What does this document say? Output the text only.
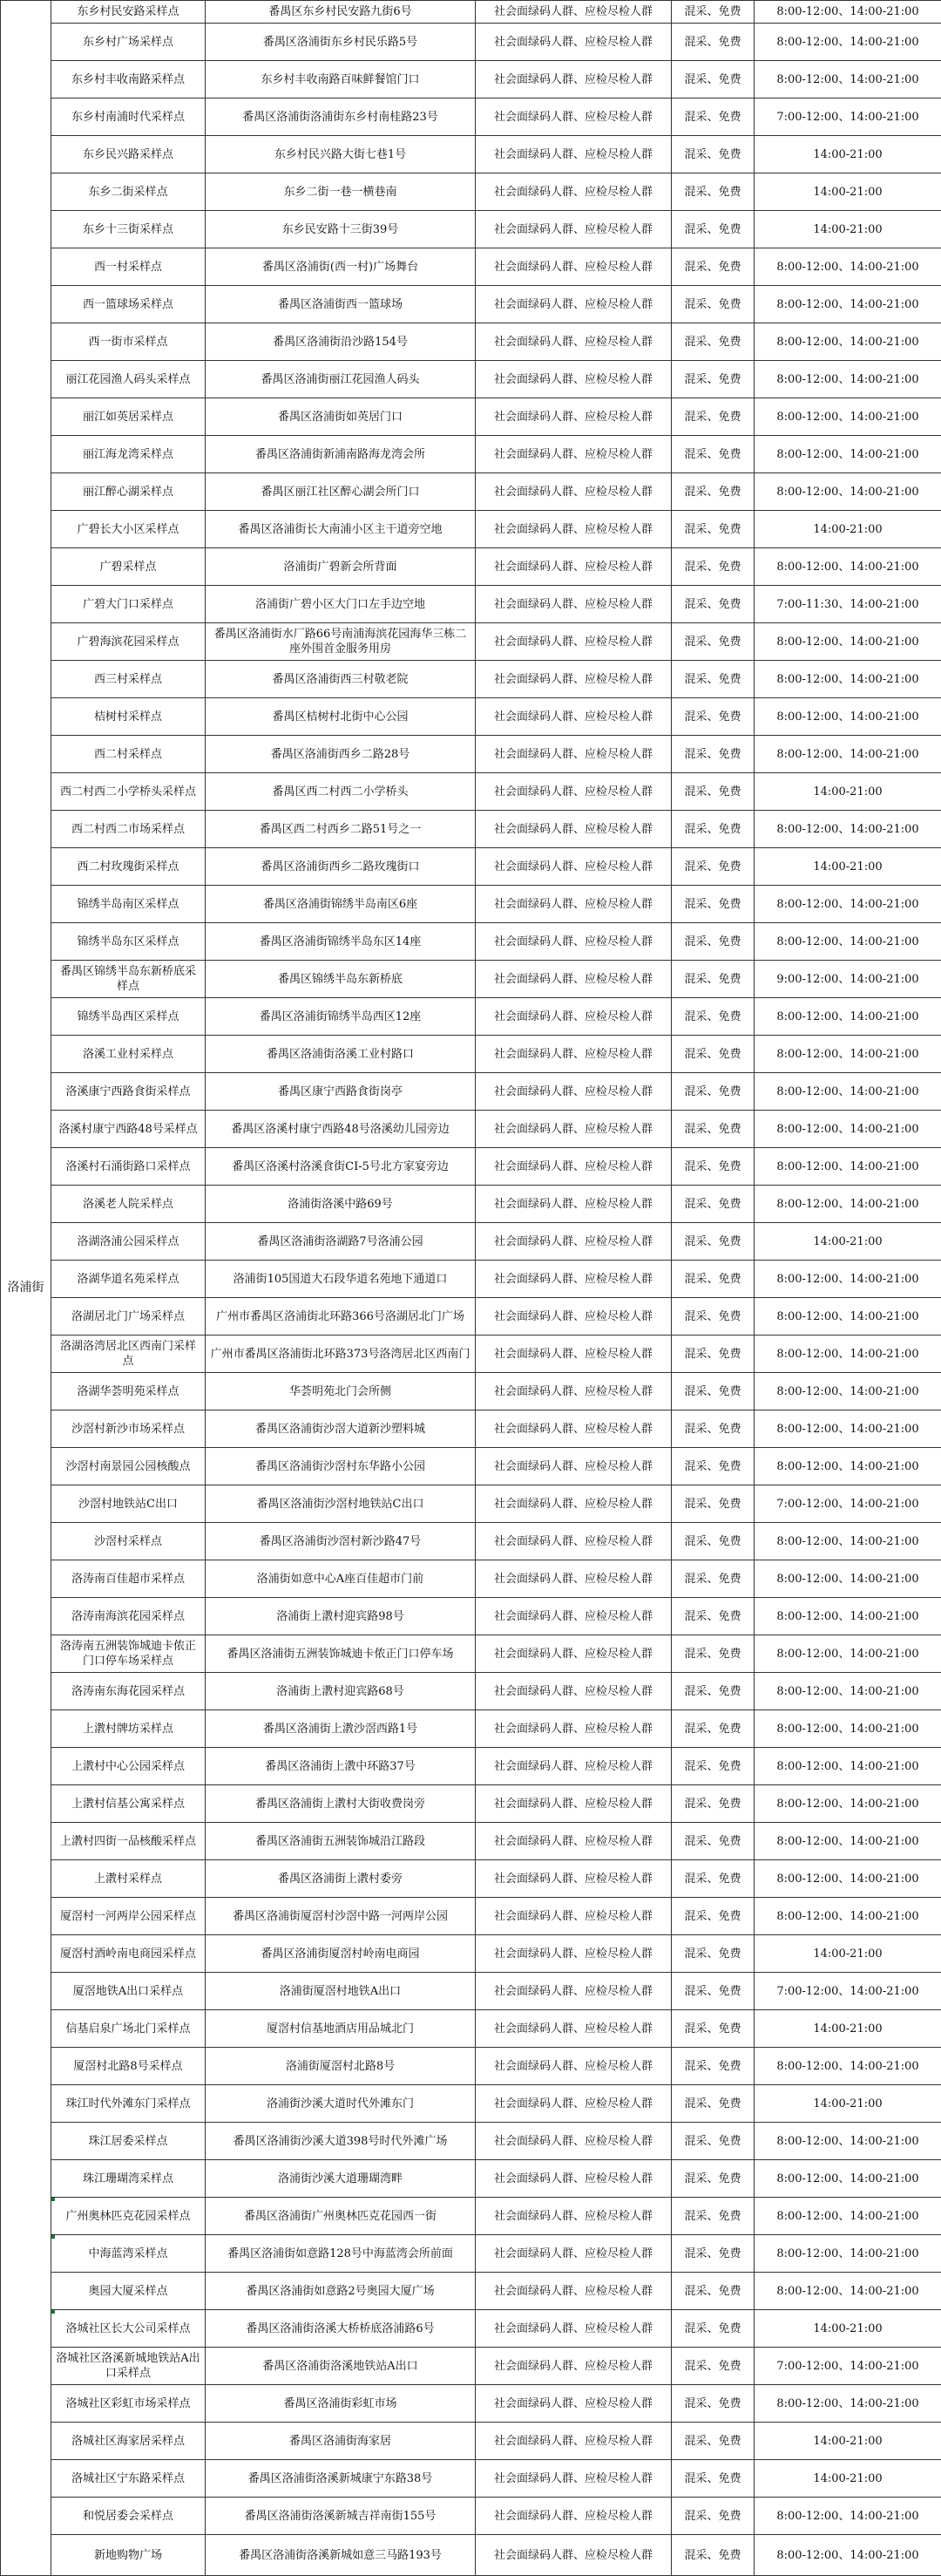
洛浦街	东乡村民安路采样点	番禺区东乡村民安路九街6号	社会面绿码人群、应检尽检人群	混采、免费	8:00-12:00、14:00-21:00
	东乡村广场采样点	番禺区洛浦街东乡村民乐路5号	社会面绿码人群、应检尽检人群	混采、免费	8:00-12:00、14:00-21:00
	东乡村丰收南路采样点	东乡村丰收南路百味鲜餐馆门口	社会面绿码人群、应检尽检人群	混采、免费	8:00-12:00、14:00-21:00
	东乡村南浦时代采样点	番禺区洛浦街洛浦街东乡村南桂路23号	社会面绿码人群、应检尽检人群	混采、免费	7:00-12:00、14:00-21:00
	东乡民兴路采样点	东乡村民兴路大街七巷1号	社会面绿码人群、应检尽检人群	混采、免费	14:00-21:00
	东乡二街采样点	东乡二街一巷一横巷南	社会面绿码人群、应检尽检人群	混采、免费	14:00-21:00
	东乡十三街采样点	东乡民安路十三街39号	社会面绿码人群、应检尽检人群	混采、免费	14:00-21:00
	西一村采样点	番禺区洛浦街(西一村)广场舞台	社会面绿码人群、应检尽检人群	混采、免费	8:00-12:00、14:00-21:00
	西一篮球场采样点	番禺区洛浦街西一篮球场	社会面绿码人群、应检尽检人群	混采、免费	8:00-12:00、14:00-21:00
	西一街市采样点	番禺区洛浦街沿沙路154号	社会面绿码人群、应检尽检人群	混采、免费	8:00-12:00、14:00-21:00
	丽江花园渔人码头采样点	番禺区洛浦街丽江花园渔人码头	社会面绿码人群、应检尽检人群	混采、免费	8:00-12:00、14:00-21:00
	丽江如英居采样点	番禺区洛浦街如英居门口	社会面绿码人群、应检尽检人群	混采、免费	8:00-12:00、14:00-21:00
	丽江海龙湾采样点	番禺区洛浦街新浦南路海龙湾会所	社会面绿码人群、应检尽检人群	混采、免费	8:00-12:00、14:00-21:00
	丽江醉心湖采样点	番禺区丽江社区醉心湖会所门口	社会面绿码人群、应检尽检人群	混采、免费	8:00-12:00、14:00-21:00
	广碧长大小区采样点	番禺区洛浦街长大南浦小区主干道旁空地	社会面绿码人群、应检尽检人群	混采、免费	14:00-21:00
	广碧采样点	洛浦街广碧新会所背面	社会面绿码人群、应检尽检人群	混采、免费	8:00-12:00、14:00-21:00
	广碧大门口采样点	洛浦街广碧小区大门口左手边空地	社会面绿码人群、应检尽检人群	混采、免费	7:00-11:30、14:00-21:00
	广碧海滨花园采样点	番禺区洛浦街水厂路66号南浦海滨花园海华三栋二座外围首金服务用房	社会面绿码人群、应检尽检人群	混采、免费	8:00-12:00、14:00-21:00
	西三村采样点	番禺区洛浦街西三村敬老院	社会面绿码人群、应检尽检人群	混采、免费	8:00-12:00、14:00-21:00
	桔树村采样点	番禺区桔树村北街中心公园	社会面绿码人群、应检尽检人群	混采、免费	8:00-12:00、14:00-21:00
	西二村采样点	番禺区洛浦街西乡二路28号	社会面绿码人群、应检尽检人群	混采、免费	8:00-12:00、14:00-21:00
	西二村西二小学桥头采样点	番禺区西二村西二小学桥头	社会面绿码人群、应检尽检人群	混采、免费	14:00-21:00
	西二村西二市场采样点	番禺区西二村西乡二路51号之一	社会面绿码人群、应检尽检人群	混采、免费	8:00-12:00、14:00-21:00
	西二村玫瑰街采样点	番禺区洛浦街西乡二路玫瑰街口	社会面绿码人群、应检尽检人群	混采、免费	14:00-21:00
	锦绣半岛南区采样点	番禺区洛浦街锦绣半岛南区6座	社会面绿码人群、应检尽检人群	混采、免费	8:00-12:00、14:00-21:00
	锦绣半岛东区采样点	番禺区洛浦街锦绣半岛东区14座	社会面绿码人群、应检尽检人群	混采、免费	8:00-12:00、14:00-21:00
	番禺区锦绣半岛东新桥底采样点	番禺区锦绣半岛东新桥底	社会面绿码人群、应检尽检人群	混采、免费	9:00-12:00、14:00-21:00
	锦绣半岛西区采样点	番禺区洛浦街锦绣半岛西区12座	社会面绿码人群、应检尽检人群	混采、免费	8:00-12:00、14:00-21:00
	洛溪工业村采样点	番禺区洛浦街洛溪工业村路口	社会面绿码人群、应检尽检人群	混采、免费	8:00-12:00、14:00-21:00
	洛溪康宁西路食街采样点	番禺区康宁西路食街岗亭	社会面绿码人群、应检尽检人群	混采、免费	8:00-12:00、14:00-21:00
	洛溪村康宁西路48号采样点	番禺区洛溪村康宁西路48号洛溪幼儿园旁边	社会面绿码人群、应检尽检人群	混采、免费	8:00-12:00、14:00-21:00
	洛溪村石涌街路口采样点	番禺区洛溪村洛溪食街CI-5号北方家宴旁边	社会面绿码人群、应检尽检人群	混采、免费	8:00-12:00、14:00-21:00
	洛溪老人院采样点	洛浦街洛溪中路69号	社会面绿码人群、应检尽检人群	混采、免费	8:00-12:00、14:00-21:00
	洛湖洛浦公园采样点	番禺区洛浦街洛湖路7号洛浦公园	社会面绿码人群、应检尽检人群	混采、免费	14:00-21:00
	洛湖华道名苑采样点	洛浦街105国道大石段华道名苑地下通道口	社会面绿码人群、应检尽检人群	混采、免费	8:00-12:00、14:00-21:00
	洛湖居北门广场采样点	广州市番禺区洛浦街北环路366号洛湖居北门广场	社会面绿码人群、应检尽检人群	混采、免费	8:00-12:00、14:00-21:00
	洛湖洛湾居北区西南门采样点	广州市番禺区洛浦街北环路373号洛湾居北区西南门	社会面绿码人群、应检尽检人群	混采、免费	8:00-12:00、14:00-21:00
	洛湖华荟明苑采样点	华荟明苑北门会所侧	社会面绿码人群、应检尽检人群	混采、免费	8:00-12:00、14:00-21:00
	沙滘村新沙市场采样点	番禺区洛浦街沙滘大道新沙塑料城	社会面绿码人群、应检尽检人群	混采、免费	8:00-12:00、14:00-21:00
	沙滘村南景园公园核酸点	番禺区洛浦街沙滘村东华路小公园	社会面绿码人群、应检尽检人群	混采、免费	8:00-12:00、14:00-21:00
	沙滘村地铁站C出口	番禺区洛浦街沙滘村地铁站C出口	社会面绿码人群、应检尽检人群	混采、免费	7:00-12:00、14:00-21:00
	沙滘村采样点	番禺区洛浦街沙滘村新沙路47号	社会面绿码人群、应检尽检人群	混采、免费	8:00-12:00、14:00-21:00
	洛涛南百佳超市采样点	洛浦街如意中心A座百佳超市门前	社会面绿码人群、应检尽检人群	混采、免费	8:00-12:00、14:00-21:00
	洛涛南海滨花园采样点	洛浦街上漖村迎宾路98号	社会面绿码人群、应检尽检人群	混采、免费	8:00-12:00、14:00-21:00
	洛涛南五洲装饰城迪卡侬正门口停车场采样点	番禺区洛浦街五洲装饰城迪卡侬正门口停车场	社会面绿码人群、应检尽检人群	混采、免费	8:00-12:00、14:00-21:00
	洛涛南东海花园采样点	洛浦街上漖村迎宾路68号	社会面绿码人群、应检尽检人群	混采、免费	8:00-12:00、14:00-21:00
	上漖村牌坊采样点	番禺区洛浦街上漖沙滘西路1号	社会面绿码人群、应检尽检人群	混采、免费	8:00-12:00、14:00-21:00
	上漖村中心公园采样点	番禺区洛浦街上漖中环路37号	社会面绿码人群、应检尽检人群	混采、免费	8:00-12:00、14:00-21:00
	上漖村信基公寓采样点	番禺区洛浦街上漖村大街收费岗旁	社会面绿码人群、应检尽检人群	混采、免费	8:00-12:00、14:00-21:00
	上漖村四街一品核酸采样点	番禺区洛浦街五洲装饰城沿江路段	社会面绿码人群、应检尽检人群	混采、免费	8:00-12:00、14:00-21:00
	上漖村采样点	番禺区洛浦街上漖村委旁	社会面绿码人群、应检尽检人群	混采、免费	8:00-12:00、14:00-21:00
	厦滘村一河两岸公园采样点	番禺区洛浦街厦滘村沙滘中路一河两岸公园	社会面绿码人群、应检尽检人群	混采、免费	8:00-12:00、14:00-21:00
	厦滘村酒岭南电商园采样点	番禺区洛浦街厦滘村岭南电商园	社会面绿码人群、应检尽检人群	混采、免费	14:00-21:00
	厦滘地铁A出口采样点	洛浦街厦滘村地铁A出口	社会面绿码人群、应检尽检人群	混采、免费	7:00-12:00、14:00-21:00
	信基启泉广场北门采样点	厦滘村信基地酒店用品城北门	社会面绿码人群、应检尽检人群	混采、免费	14:00-21:00
	厦滘村北路8号采样点	洛浦街厦滘村北路8号	社会面绿码人群、应检尽检人群	混采、免费	8:00-12:00、14:00-21:00
	珠江时代外滩东门采样点	洛浦街沙溪大道时代外滩东门	社会面绿码人群、应检尽检人群	混采、免费	14:00-21:00
	珠江居委采样点	番禺区洛浦街沙溪大道398号时代外滩广场	社会面绿码人群、应检尽检人群	混采、免费	8:00-12:00、14:00-21:00
	珠江珊瑚湾采样点	洛浦街沙溪大道珊瑚湾畔	社会面绿码人群、应检尽检人群	混采、免费	8:00-12:00、14:00-21:00
	广州奥林匹克花园采样点	番禺区洛浦街广州奥林匹克花园西一街	社会面绿码人群、应检尽检人群	混采、免费	8:00-12:00、14:00-21:00
	中海蓝湾采样点	番禺区洛浦街如意路128号中海蓝湾会所前面	社会面绿码人群、应检尽检人群	混采、免费	8:00-12:00、14:00-21:00
	奥园大厦采样点	番禺区洛浦街如意路2号奥园大厦广场	社会面绿码人群、应检尽检人群	混采、免费	8:00-12:00、14:00-21:00
	洛城社区长大公司采样点	番禺区洛浦街洛溪大桥桥底洛浦路6号	社会面绿码人群、应检尽检人群	混采、免费	14:00-21:00
	洛城社区洛溪新城地铁站A出口采样点	番禺区洛浦街洛溪地铁站A出口	社会面绿码人群、应检尽检人群	混采、免费	7:00-12:00、14:00-21:00
	洛城社区彩虹市场采样点	番禺区洛浦街彩虹市场	社会面绿码人群、应检尽检人群	混采、免费	8:00-12:00、14:00-21:00
	洛城社区海家居采样点	番禺区洛浦街海家居	社会面绿码人群、应检尽检人群	混采、免费	14:00-21:00
	洛城社区宁东路采样点	番禺区洛浦街洛溪新城康宁东路38号	社会面绿码人群、应检尽检人群	混采、免费	14:00-21:00
	和悦居委会采样点	番禺区洛浦街洛溪新城吉祥南街155号	社会面绿码人群、应检尽检人群	混采、免费	8:00-12:00、14:00-21:00
	新地购物广场	番禺区洛浦街洛溪新城如意三马路193号	社会面绿码人群、应检尽检人群	混采、免费	8:00-12:00、14:00-21:00
